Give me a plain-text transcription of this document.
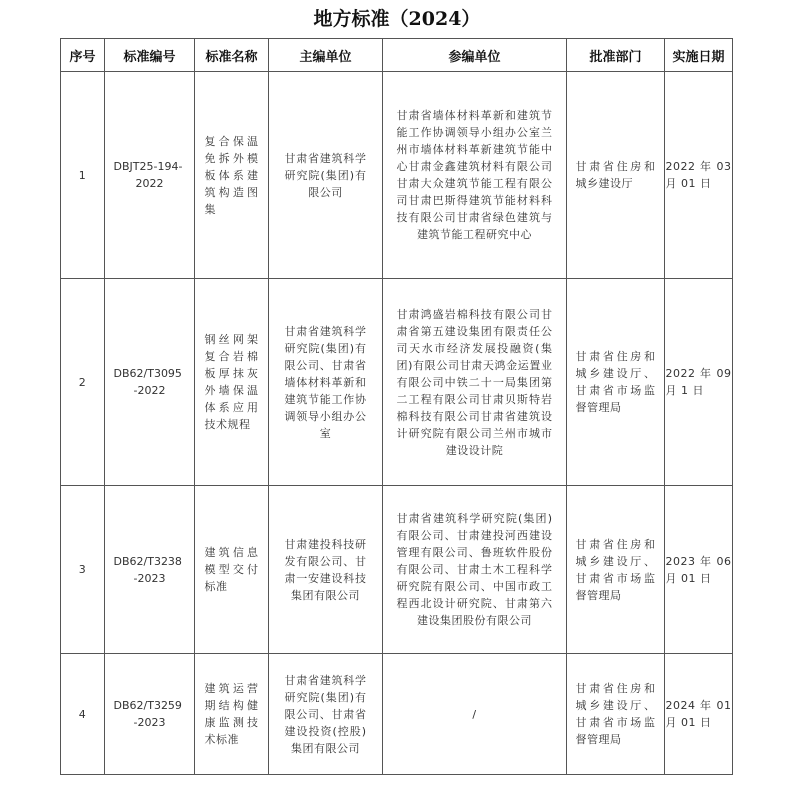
地方标准（2024）
序号	标准编号	标准名称	主编单位	参编单位	批准部门	实施日期
1	DBJT25-194-2022	复合保温免拆外模板体系建筑构造图集	甘肃省建筑科学研究院(集团)有限公司	甘肃省墙体材料革新和建筑节能工作协调领导小组办公室兰州市墙体材料革新建筑节能中心甘肃金鑫建筑材料有限公司甘肃大众建筑节能工程有限公司甘肃巴斯得建筑节能材料科技有限公司甘肃省绿色建筑与建筑节能工程研究中心	甘肃省住房和城乡建设厅	2022 年 03 月 01 日
2	DB62/T3095-2022	钢丝网架复合岩棉板厚抹灰外墙保温体系应用技术规程	甘肃省建筑科学研究院(集团)有限公司、甘肃省墙体材料革新和建筑节能工作协调领导小组办公室	甘肃鸿盛岩棉科技有限公司甘肃省第五建设集团有限责任公司天水市经济发展投融资(集团)有限公司甘肃天鸿金运置业有限公司中铁二十一局集团第二工程有限公司甘肃贝斯特岩棉科技有限公司甘肃省建筑设计研究院有限公司兰州市城市建设设计院	甘肃省住房和城乡建设厅、甘肃省市场监督管理局	2022 年 09 月 1 日
3	DB62/T3238-2023	建筑信息模型交付标准	甘肃建投科技研发有限公司、甘肃一安建设科技集团有限公司	甘肃省建筑科学研究院(集团)有限公司、甘肃建投河西建设管理有限公司、鲁班软件股份有限公司、甘肃土木工程科学研究院有限公司、中国市政工程西北设计研究院、甘肃第六建设集团股份有限公司	甘肃省住房和城乡建设厅、甘肃省市场监督管理局	2023 年 06 月 01 日
4	DB62/T3259-2023	建筑运营期结构健康监测技术标准	甘肃省建筑科学研究院(集团)有限公司、甘肃省建设投资(控股)集团有限公司	/	甘肃省住房和城乡建设厅、甘肃省市场监督管理局	2024 年 01 月 01 日
